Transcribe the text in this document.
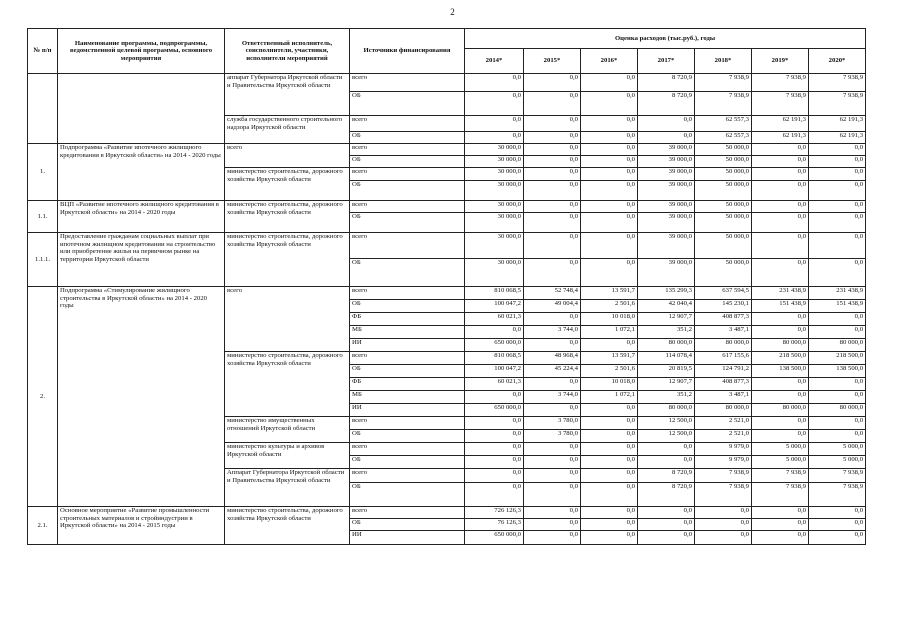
2
№ п/п	Наименование программы, подпрограммы, ведомственной целевой программы, основного мероприятия	Ответственный исполнитель, соисполнители, участники, исполнители мероприятий	Источники финансирования	Оценка расходов (тыс.руб.), годы						
				2014*	2015*	2016*	2017*	2018*	2019*	2020*
		аппарат Губернатора Иркутской области и Правительства Иркутской области	всего	0,0	0,0	0,0	8 720,9	7 938,9	7 938,9	7 938,9
			ОБ	0,0	0,0	0,0	8 720,9	7 938,9	7 938,9	7 938,9
		служба государственного строительного надзора Иркутской области	всего	0,0	0,0	0,0	0,0	62 557,3	62 191,3	62 191,3
			ОБ	0,0	0,0	0,0	0,0	62 557,3	62 191,3	62 191,3
1.	Подпрограмма «Развитие ипотечного жилищного кредитования в Иркутской области» на 2014 - 2020 годы	всего	всего	30 000,0	0,0	0,0	39 000,0	50 000,0	0,0	0,0
			ОБ	30 000,0	0,0	0,0	39 000,0	50 000,0	0,0	0,0
		министерство строительства, дорожного хозяйства Иркутской области	всего	30 000,0	0,0	0,0	39 000,0	50 000,0	0,0	0,0
			ОБ	30 000,0	0,0	0,0	39 000,0	50 000,0	0,0	0,0
1.1.	ВЦП «Развитие ипотечного жилищного кредитования в Иркутской области» на 2014 - 2020 годы	министерство строительства, дорожного хозяйства Иркутской области	всего	30 000,0	0,0	0,0	39 000,0	50 000,0	0,0	0,0
			ОБ	30 000,0	0,0	0,0	39 000,0	50 000,0	0,0	0,0
1.1.1.	Предоставление гражданам социальных выплат при ипотечном жилищном кредитовании на строительство или приобретение жилья на первичном рынке на территории Иркутской области	министерство строительства, дорожного хозяйства Иркутской области	всего	30 000,0	0,0	0,0	39 000,0	50 000,0	0,0	0,0
			ОБ	30 000,0	0,0	0,0	39 000,0	50 000,0	0,0	0,0
2.	Подпрограмма «Стимулирование жилищного строительства в Иркутской области» на 2014 - 2020 годы	всего	всего	810 068,5	52 748,4	13 591,7	135 299,3	637 594,5	231 438,9	231 438,9
			ОБ	100 047,2	49 004,4	2 501,6	42 040,4	145 230,1	151 438,9	151 438,9
			ФБ	60 021,3	0,0	10 018,0	12 907,7	408 877,3	0,0	0,0
			МБ	0,0	3 744,0	1 072,1	351,2	3 487,1	0,0	0,0
			ИИ	650 000,0	0,0	0,0	80 000,0	80 000,0	80 000,0	80 000,0
		министерство строительства, дорожного хозяйства Иркутской области	всего	810 068,5	48 968,4	13 591,7	114 078,4	617 155,6	218 500,0	218 500,0
			ОБ	100 047,2	45 224,4	2 501,6	20 819,5	124 791,2	138 500,0	138 500,0
			ФБ	60 021,3	0,0	10 018,0	12 907,7	408 877,3	0,0	0,0
			МБ	0,0	3 744,0	1 072,1	351,2	3 487,1	0,0	0,0
			ИИ	650 000,0	0,0	0,0	80 000,0	80 000,0	80 000,0	80 000,0
		министерство имущественных отношений Иркутской области	всего	0,0	3 780,0	0,0	12 500,0	2 521,0	0,0	0,0
			ОБ	0,0	3 780,0	0,0	12 500,0	2 521,0	0,0	0,0
		министерство культуры и архивов Иркутской области	всего	0,0	0,0	0,0	0,0	9 979,0	5 000,0	5 000,0
			ОБ	0,0	0,0	0,0	0,0	9 979,0	5 000,0	5 000,0
		Аппарат Губернатора Иркутской области и Правительства Иркутской области	всего	0,0	0,0	0,0	8 720,9	7 938,9	7 938,9	7 938,9
			ОБ	0,0	0,0	0,0	8 720,9	7 938,9	7 938,9	7 938,9
2.1.	Основное мероприятие «Развитие промышленности строительных материалов и стройиндустрии в Иркутской области» на 2014 - 2015 годы	министерство строительства, дорожного хозяйства Иркутской области	всего	726 126,3	0,0	0,0	0,0	0,0	0,0	0,0
			ОБ	76 126,3	0,0	0,0	0,0	0,0	0,0	0,0
			ИИ	650 000,0	0,0	0,0	0,0	0,0	0,0	0,0
